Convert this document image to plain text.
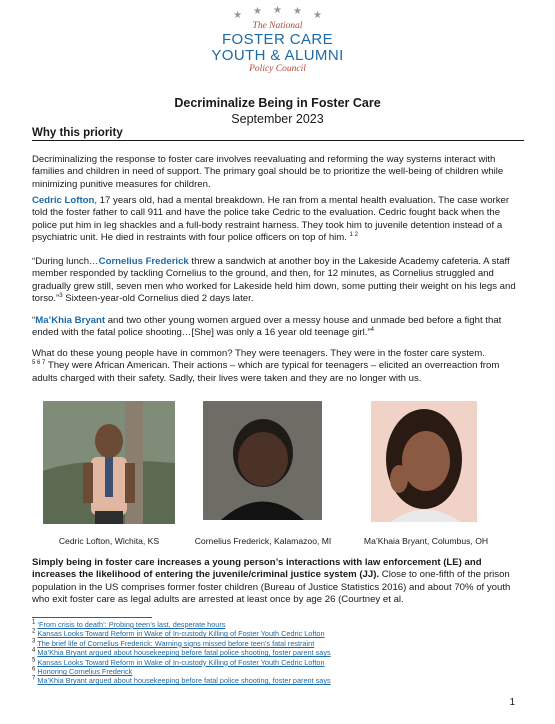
★ ★ ★ ★ ★
The National
FOSTER CARE
YOUTH & ALUMNI
Policy Council
Decriminalize Being in Foster Care
September 2023
Why this priority

Decriminalizing the response to foster care involves reevaluating and reforming the way systems interact with families and children in need of support. The primary goal should be to prioritize the well-being of children while minimizing punitive measures for children.

Cedric Lofton, 17 years old, had a mental breakdown. He ran from a mental health evaluation. The case worker told the foster father to call 911 and have the police take Cedric to the evaluation. Cedric fought back when the police put him in leg shackles and a full-body restraint harness. They took him to juvenile detention instead of a psychiatric unit. He died in restraints with four police officers on top of him. $^{1 2}$

“During lunch…Cornelius Frederick threw a sandwich at another boy in the Lakeside Academy cafeteria. A staff member responded by tackling Cornelius to the ground, and then, for 12 minutes, as Cornelius struggled and gradually grew still, seven men who worked for Lakeside held him down, some putting their weight on his legs and torso.”$^3$ Sixteen-year-old Cornelius died 2 days later.

“Ma’Khia Bryant and two other young women argued over a messy house and unmade bed before a fight that ended with the fatal police shooting…[She] was only a 16 year old teenage girl.”$^4$

What do these young people have in common? They were teenagers. They were in the foster care system.
$^{5 6 7}$ They were African American. Their actions – which are typical for teenagers – elicited an overreaction from adults charged with their safety. Sadly, their lives were taken and they are no longer with us.

Cedric Lofton, Wichita, KS	Cornelius Frederick, Kalamazoo, MI	Ma’Khaia Bryant, Columbus, OH

Simply being in foster care increases a young person’s interactions with law enforcement (LE) and increases the likelihood of entering the juvenile/criminal justice system (JJ). Close to one-fifth of the prison population in the US comprises former foster children (Bureau of Justice Statistics 2016) and about 70% of youth who exit foster care as legal adults are arrested at least once by age 26 (Courtney et al.

$^1$ ‘From crisis to death’: Probing teen’s last, desperate hours
$^2$ Kansas Looks Toward Reform in Wake of In-custody Killing of Foster Youth Cedric Lofton
$^3$ The brief life of Cornelius Frederick: Warning signs missed before teen’s fatal restraint
$^4$ Ma’Khia Bryant argued about housekeeping before fatal police shooting, foster parent says
$^5$ Kansas Looks Toward Reform in Wake of In-custody Killing of Foster Youth Cedric Lofton
$^6$ Honoring Cornelius Frederick
$^7$ Ma’Khia Bryant argued about housekeeping before fatal police shooting, foster parent says
1
